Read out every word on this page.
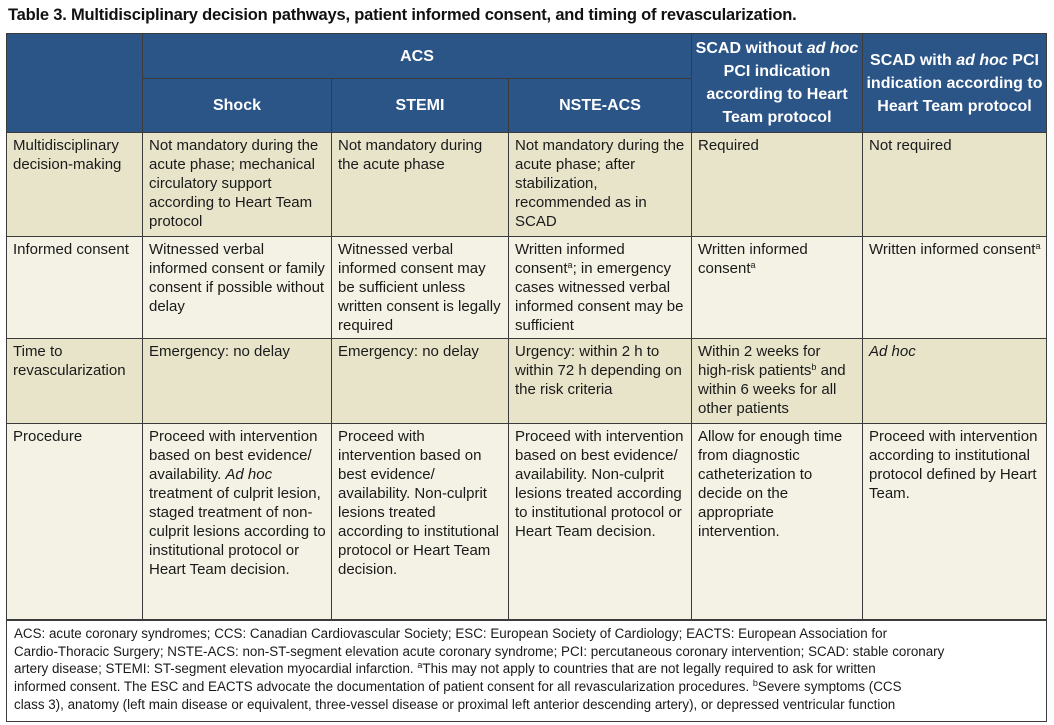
Table 3. Multidisciplinary decision pathways, patient informed consent, and timing of revascularization.
	ACS			SCAD without ad hoc PCI indication according to Heart Team protocol	SCAD with ad hoc PCI indication according to Heart Team protocol
	Shock	STEMI	NSTE-ACS		
Multidisciplinary decision-making	Not mandatory during the acute phase; mechanical circulatory support according to Heart Team protocol	Not mandatory during the acute phase	Not mandatory during the acute phase; after stabilization, recommended as in SCAD	Required	Not required
Informed consent	Witnessed verbal informed consent or family consent if possible without delay	Witnessed verbal informed consent may be sufficient unless written consent is legally required	Written informed consent$^a$; in emergency cases witnessed verbal informed consent may be sufficient	Written informed consent$^a$	Written informed consent$^a$
Time to revascularization	Emergency: no delay	Emergency: no delay	Urgency: within 2 h to within 72 h depending on the risk criteria	Within 2 weeks for high-risk patients$^b$ and within 6 weeks for all other patients	Ad hoc
Procedure	Proceed with intervention based on best evidence/ availability. Ad hoc treatment of culprit lesion, staged treatment of non-culprit lesions according to institutional protocol or Heart Team decision.	Proceed with intervention based on best evidence/ availability. Non-culprit lesions treated according to institutional protocol or Heart Team decision.	Proceed with intervention based on best evidence/ availability. Non-culprit lesions treated according to institutional protocol or Heart Team decision.	Allow for enough time from diagnostic catheterization to decide on the appropriate intervention.	Proceed with intervention according to institutional protocol defined by Heart Team.
ACS: acute coronary syndromes; CCS: Canadian Cardiovascular Society; ESC: European Society of Cardiology; EACTS: European Association for
Cardio-Thoracic Surgery; NSTE-ACS: non-ST-segment elevation acute coronary syndrome; PCI: percutaneous coronary intervention; SCAD: stable coronary
artery disease; STEMI: ST-segment elevation myocardial infarction. $^a$This may not apply to countries that are not legally required to ask for written
informed consent. The ESC and EACTS advocate the documentation of patient consent for all revascularization procedures. $^b$Severe symptoms (CCS
class 3), anatomy (left main disease or equivalent, three-vessel disease or proximal left anterior descending artery), or depressed ventricular function
